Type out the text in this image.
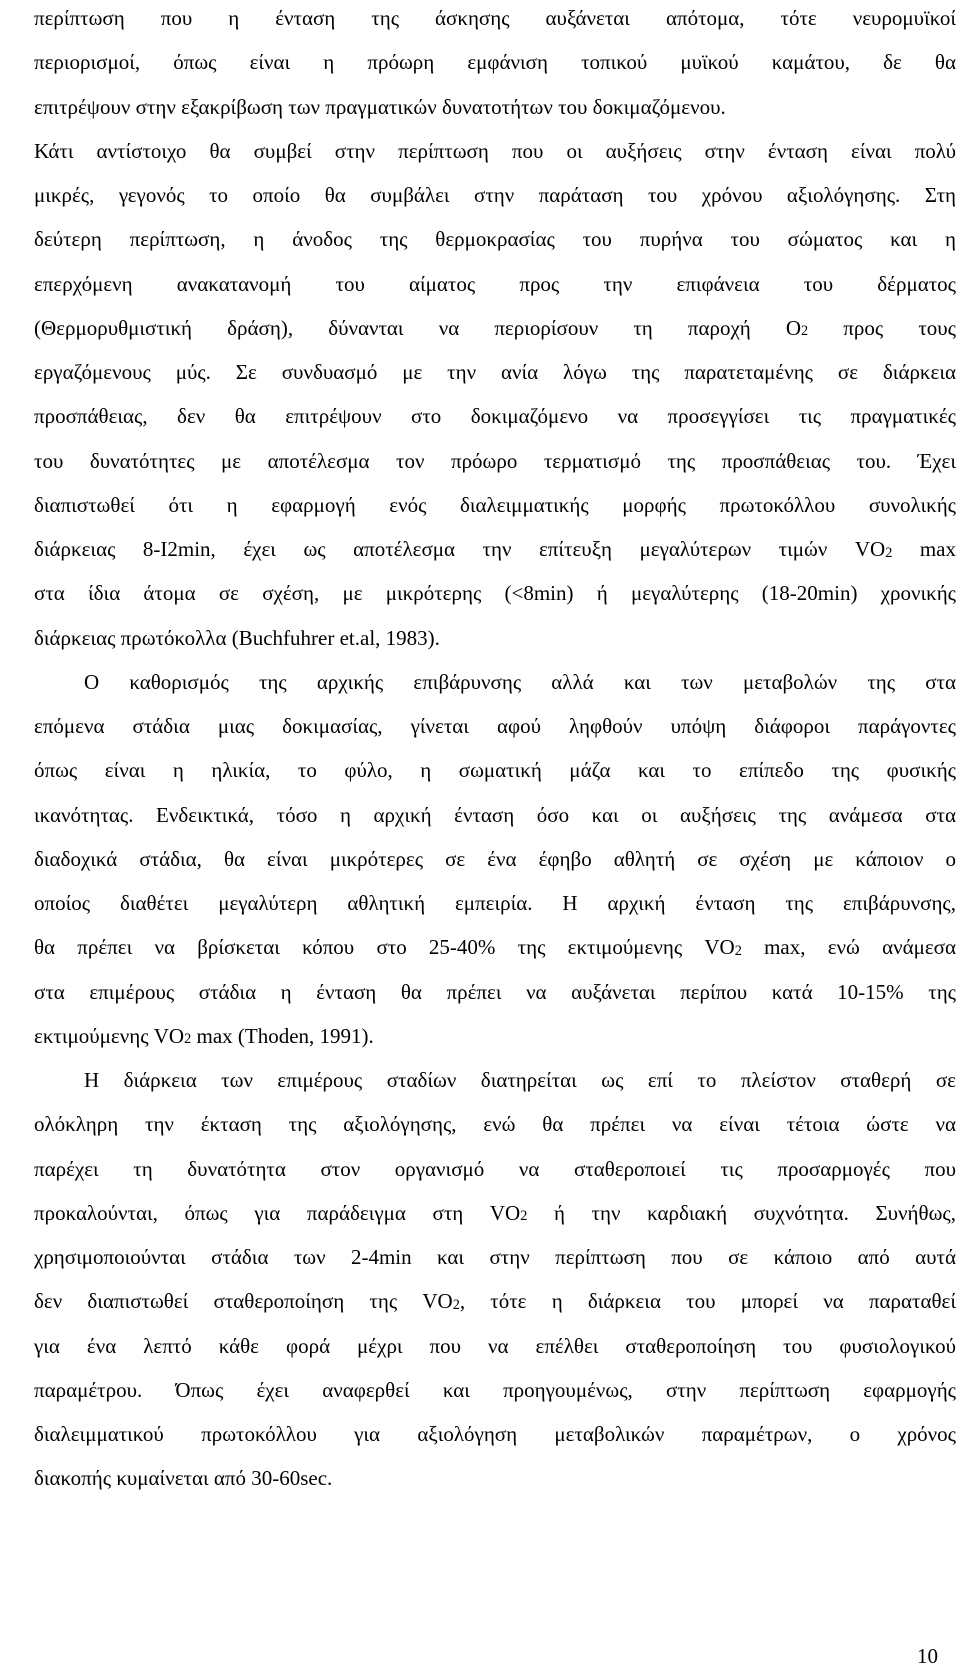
περίπτωση που η ένταση της άσκησης αυξάνεται απότομα, τότε νευρομυϊκοί
περιορισμοί, όπως είναι η πρόωρη εμφάνιση τοπικού μυϊκού καμάτου, δε θα
επιτρέψουν στην εξακρίβωση των πραγματικών δυνατοτήτων του δοκιμαζόμενου.
Κάτι αντίστοιχο θα συμβεί στην περίπτωση που οι αυξήσεις στην ένταση είναι πολύ
μικρές, γεγονός το οποίο θα συμβάλει στην παράταση του χρόνου αξιολόγησης. Στη
δεύτερη περίπτωση, η άνοδος της θερμοκρασίας του πυρήνα του σώματος και η
επερχόμενη ανακατανομή του αίματος προς την επιφάνεια του δέρματος
(Θερμορυθμιστική δράση), δύνανται να περιορίσουν τη παροχή $O_2$ προς τους
εργαζόμενους μύς. Σε συνδυασμό με την ανία λόγω της παρατεταμένης σε διάρκεια
προσπάθειας, δεν θα επιτρέψουν στο δοκιμαζόμενο να προσεγγίσει τις πραγματικές
του δυνατότητες με αποτέλεσμα τον πρόωρο τερματισμό της προσπάθειας του. Έχει
διαπιστωθεί ότι η εφαρμογή ενός διαλειμματικής μορφής πρωτοκόλλου συνολικής
διάρκειας 8-I2min, έχει ως αποτέλεσμα την επίτευξη μεγαλύτερων τιμών $VO_2$ max
στα ίδια άτομα σε σχέση, με μικρότερης (<8min) ή μεγαλύτερης (18-20min) χρονικής
διάρκειας πρωτόκολλα (Buchfuhrer et.al, 1983).
Ο καθορισμός της αρχικής επιβάρυνσης αλλά και των μεταβολών της στα
επόμενα στάδια μιας δοκιμασίας, γίνεται αφού ληφθούν υπόψη διάφοροι παράγοντες
όπως είναι η ηλικία, το φύλο, η σωματική μάζα και το επίπεδο της φυσικής
ικανότητας. Ενδεικτικά, τόσο η αρχική ένταση όσο και οι αυξήσεις της ανάμεσα στα
διαδοχικά στάδια, θα είναι μικρότερες σε ένα έφηβο αθλητή σε σχέση με κάποιον ο
οποίος διαθέτει μεγαλύτερη αθλητική εμπειρία. Η αρχική ένταση της επιβάρυνσης,
θα πρέπει να βρίσκεται κόπου στο 25-40% της εκτιμούμενης $VO_2$ max, ενώ ανάμεσα
στα επιμέρους στάδια η ένταση θα πρέπει να αυξάνεται περίπου κατά 10-15% της
εκτιμούμενης $VO_2$ max (Thoden, 1991).
Η διάρκεια των επιμέρους σταδίων διατηρείται ως επί το πλείστον σταθερή σε
ολόκληρη την έκταση της αξιολόγησης, ενώ θα πρέπει να είναι τέτοια ώστε να
παρέχει τη δυνατότητα στον οργανισμό να σταθεροποιεί τις προσαρμογές που
προκαλούνται, όπως για παράδειγμα στη $VO_2$ ή την καρδιακή συχνότητα. Συνήθως,
χρησιμοποιούνται στάδια των 2-4min και στην περίπτωση που σε κάποιο από αυτά
δεν διαπιστωθεί σταθεροποίηση της $VO_2$, τότε η διάρκεια του μπορεί να παραταθεί
για ένα λεπτό κάθε φορά μέχρι που να επέλθει σταθεροποίηση του φυσιολογικού
παραμέτρου. Όπως έχει αναφερθεί και προηγουμένως, στην περίπτωση εφαρμογής
διαλειμματικού πρωτοκόλλου για αξιολόγηση μεταβολικών παραμέτρων, ο χρόνος
διακοπής κυμαίνεται από 30-60sec.
10
